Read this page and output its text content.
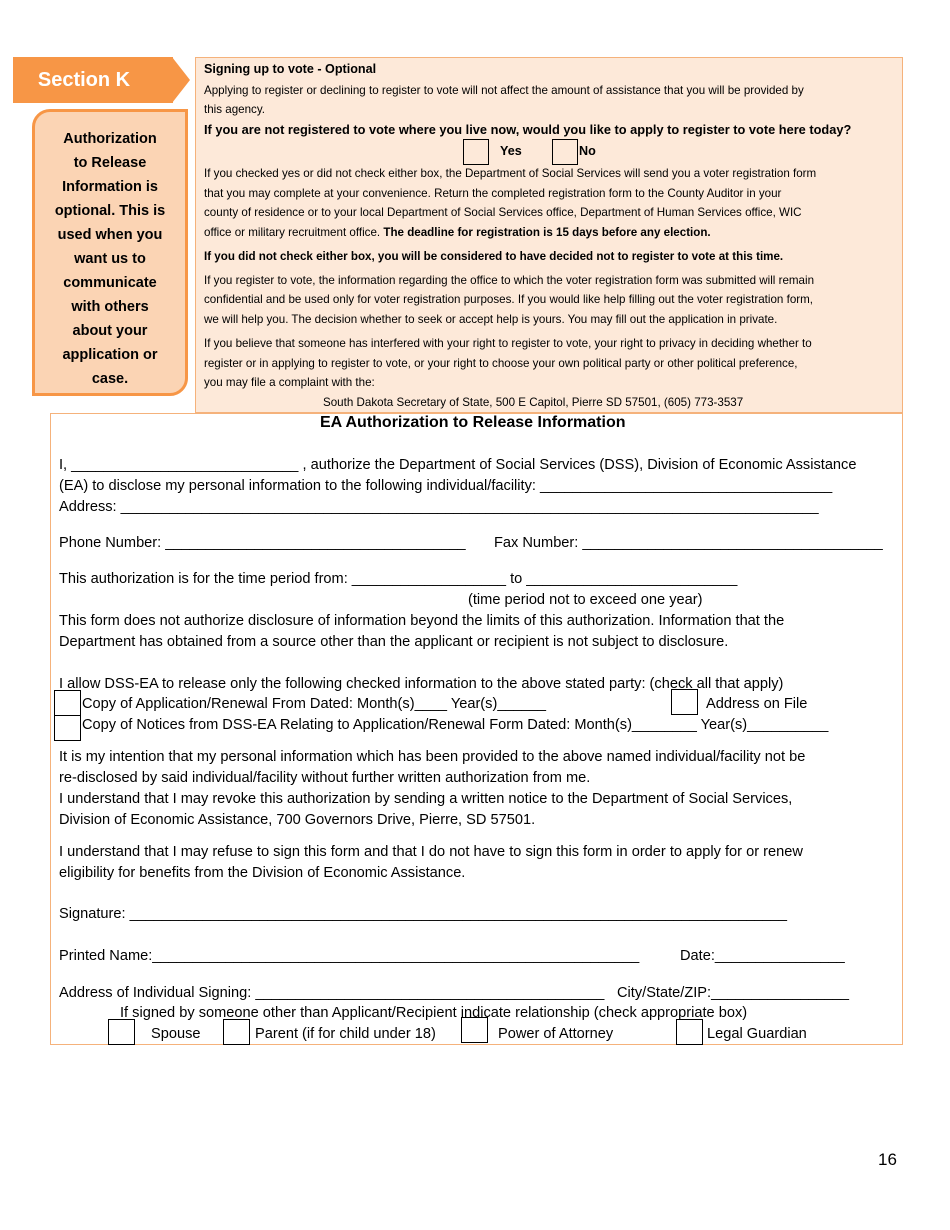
Section K
Authorization
to Release
Information is
optional. This is
used when you
want us to
communicate
with others
about your
application or
case.
Signing up to vote - Optional
Applying to register or declining to register to vote will not affect the amount of assistance that you will be provided by
this agency.
If you are not registered to vote where you live now, would you like to apply to register to vote here today?
Yes	No
If you checked yes or did not check either box, the Department of Social Services will send you a voter registration form
that you may complete at your convenience. Return the completed registration form to the County Auditor in your
county of residence or to your local Department of Social Services office, Department of Human Services office, WIC
office or military recruitment office. The deadline for registration is 15 days before any election.
If you did not check either box, you will be considered to have decided not to register to vote at this time.
If you register to vote, the information regarding the office to which the voter registration form was submitted will remain
confidential and be used only for voter registration purposes. If you would like help filling out the voter registration form,
we will help you. The decision whether to seek or accept help is yours. You may fill out the application in private.
If you believe that someone has interfered with your right to register to vote, your right to privacy in deciding whether to
register or in applying to register to vote, or your right to choose your own political party or other political preference,
you may file a complaint with the:
South Dakota Secretary of State, 500 E Capitol, Pierre SD 57501, (605) 773-3537
EA Authorization to Release Information
I, ____________________________ , authorize the Department of Social Services (DSS), Division of Economic Assistance
(EA) to disclose my personal information to the following individual/facility: ____________________________________
Address: ______________________________________________________________________________________
Phone Number: _____________________________________ Fax Number: _____________________________________
This authorization is for the time period from: ___________________ to __________________________
(time period not to exceed one year)
This form does not authorize disclosure of information beyond the limits of this authorization. Information that the
Department has obtained from a source other than the applicant or recipient is not subject to disclosure.
I allow DSS-EA to release only the following checked information to the above stated party: (check all that apply)
Copy of Application/Renewal From Dated: Month(s)____ Year(s)______	Address on File
Copy of Notices from DSS-EA Relating to Application/Renewal Form Dated: Month(s)________ Year(s)__________
It is my intention that my personal information which has been provided to the above named individual/facility not be
re-disclosed by said individual/facility without further written authorization from me.
I understand that I may revoke this authorization by sending a written notice to the Department of Social Services,
Division of Economic Assistance, 700 Governors Drive, Pierre, SD 57501.
I understand that I may refuse to sign this form and that I do not have to sign this form in order to apply for or renew
eligibility for benefits from the Division of Economic Assistance.
Signature: _________________________________________________________________________________
Printed Name:____________________________________________________________	Date:________________
Address of Individual Signing: ___________________________________________ City/State/ZIP:_________________
If signed by someone other than Applicant/Recipient indicate relationship (check appropriate box)
Spouse	Parent (if for child under 18)	Power of Attorney	Legal Guardian
16
